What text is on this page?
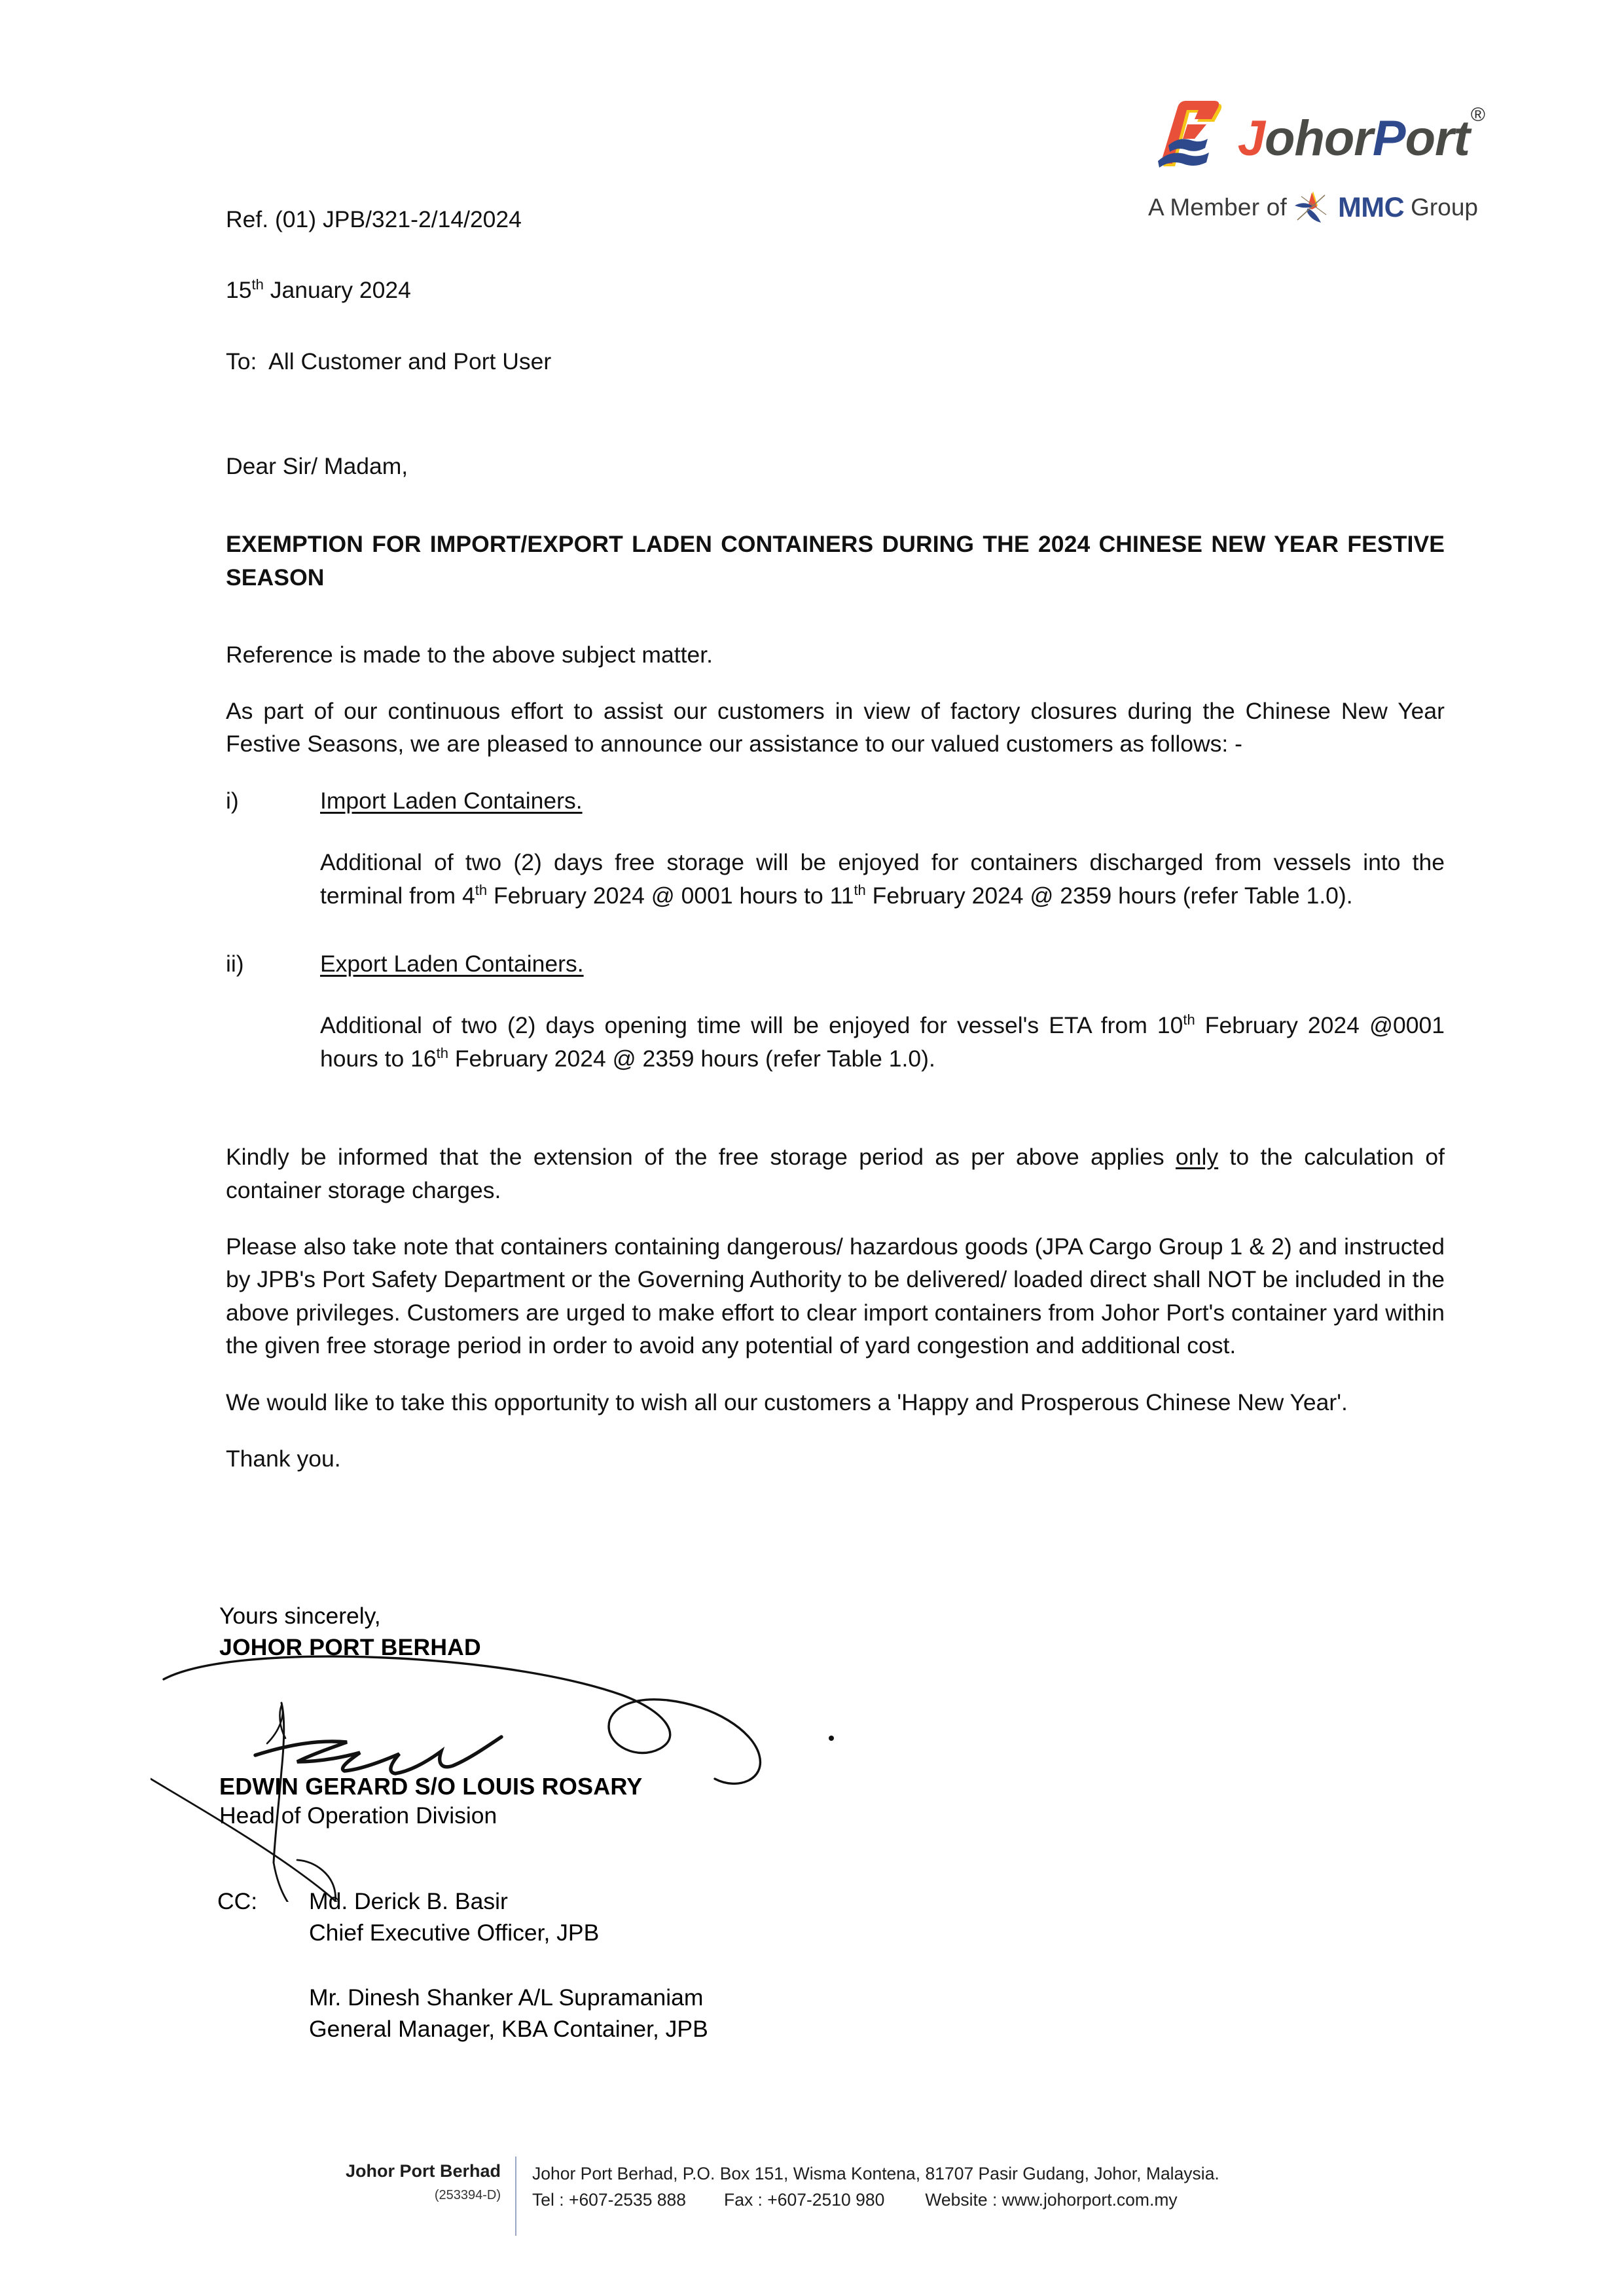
JohorPort®
A Member of MMC Group
Ref. (01) JPB/321-2/14/2024
15th January 2024
To: All Customer and Port User
Dear Sir/ Madam,
EXEMPTION FOR IMPORT/EXPORT LADEN CONTAINERS DURING THE 2024 CHINESE NEW YEAR FESTIVE SEASON

Reference is made to the above subject matter.

As part of our continuous effort to assist our customers in view of factory closures during the Chinese New Year Festive Seasons, we are pleased to announce our assistance to our valued customers as follows: -

i)	Import Laden Containers.

Additional of two (2) days free storage will be enjoyed for containers discharged from vessels into the terminal from 4th February 2024 @ 0001 hours to 11th February 2024 @ 2359 hours (refer Table 1.0).

ii)	Export Laden Containers.

Additional of two (2) days opening time will be enjoyed for vessel's ETA from 10th February 2024 @0001 hours to 16th February 2024 @ 2359 hours (refer Table 1.0).

Kindly be informed that the extension of the free storage period as per above applies only to the calculation of container storage charges.

Please also take note that containers containing dangerous/ hazardous goods (JPA Cargo Group 1 & 2) and instructed by JPB's Port Safety Department or the Governing Authority to be delivered/ loaded direct shall NOT be included in the above privileges. Customers are urged to make effort to clear import containers from Johor Port's container yard within the given free storage period in order to avoid any potential of yard congestion and additional cost.

We would like to take this opportunity to wish all our customers a 'Happy and Prosperous Chinese New Year'.

Thank you.

Yours sincerely,
JOHOR PORT BERHAD
EDWIN GERARD S/O LOUIS ROSARY
Head of Operation Division
CC:	Md. Derick B. Basir
Chief Executive Officer, JPB
Mr. Dinesh Shanker A/L Supramaniam
General Manager, KBA Container, JPB
Johor Port Berhad
(253394-D)
Johor Port Berhad, P.O. Box 151, Wisma Kontena, 81707 Pasir Gudang, Johor, Malaysia.
Tel : +607-2535 888 Fax : +607-2510 980 Website : www.johorport.com.my
